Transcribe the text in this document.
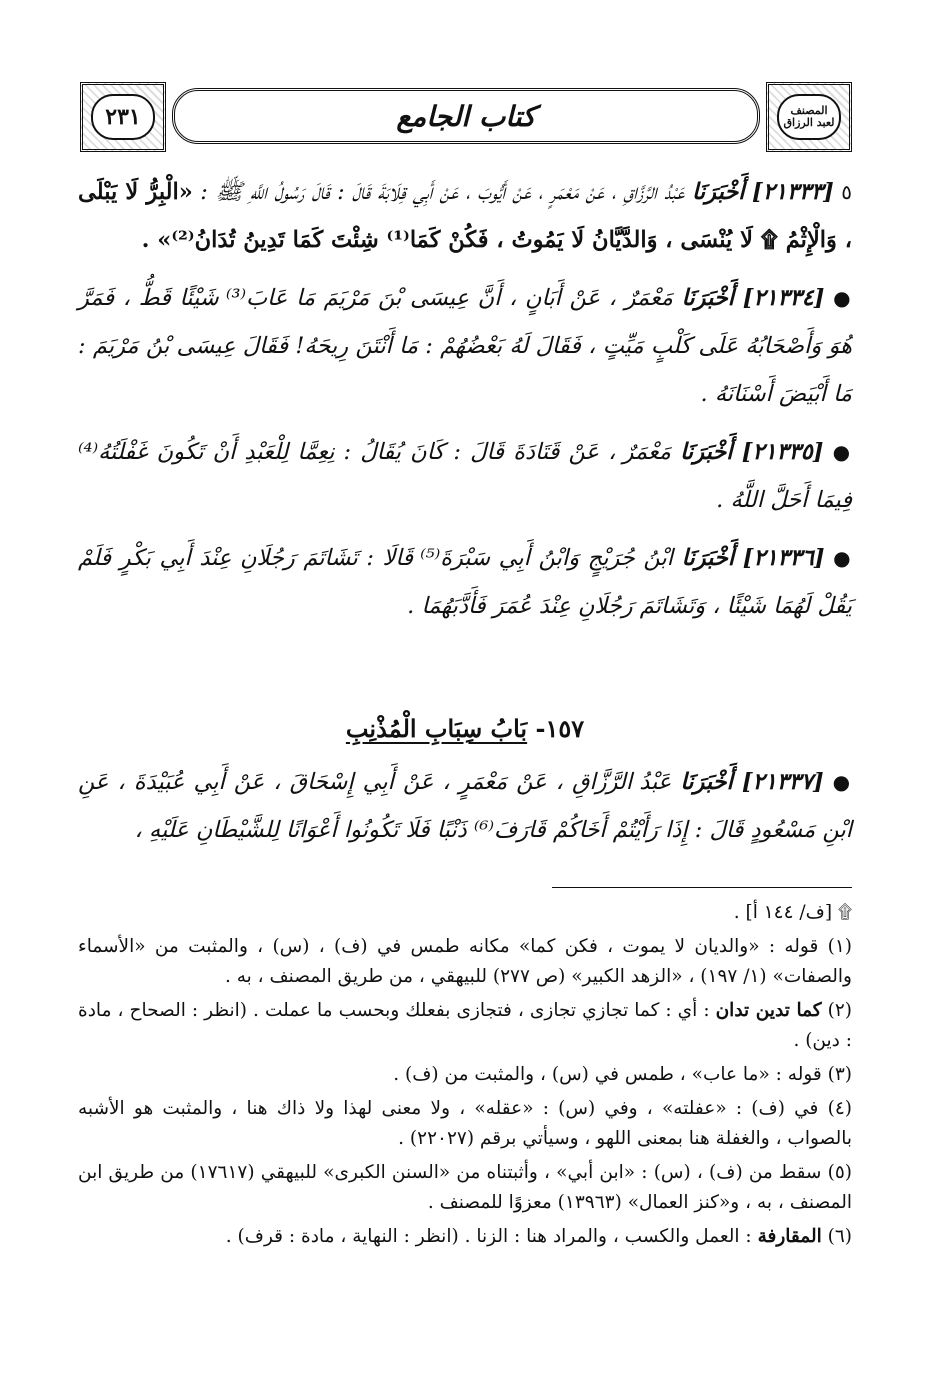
٢٣١	كتاب الجامع	المصنف
لعبد الرزاق

٥ [٢١٣٣٣] أَخْبَرَنَا عَبْدُ الرَّزَّاقِ ، عَنْ مَعْمَرٍ ، عَنْ أَيُّوبَ ، عَنْ أَبِي قِلَابَةَ قَالَ : قَالَ رَسُولُ اللَّهِ ﷺ : «الْبِرُّ لَا يَبْلَى ، وَالْإِثْمُ ۩ لَا يُنْسَى ، وَالدَّيَّانُ لَا يَمُوتُ ، فَكُنْ كَمَا⁽¹⁾ شِئْتَ كَمَا تَدِينُ تُدَانُ⁽²⁾» .

● [٢١٣٣٤] أَخْبَرَنَا مَعْمَرٌ ، عَنْ أَبَانٍ ، أَنَّ عِيسَى بْنَ مَرْيَمَ مَا عَابَ⁽³⁾ شَيْئًا قَطُّ ، فَمَرَّ هُوَ وَأَصْحَابُهُ عَلَى كَلْبٍ مَيِّتٍ ، فَقَالَ لَهُ بَعْضُهُمْ : مَا أَنْتَنَ رِيحَهُ! فَقَالَ عِيسَى بْنُ مَرْيَمَ : مَا أَبْيَضَ أَسْنَانَهُ .

● [٢١٣٣٥] أَخْبَرَنَا مَعْمَرٌ ، عَنْ قَتَادَةَ قَالَ : كَانَ يُقَالُ : نِعِمَّا لِلْعَبْدِ أَنْ تَكُونَ غَفْلَتُهُ⁽⁴⁾ فِيمَا أَحَلَّ اللَّهُ .

● [٢١٣٣٦] أَخْبَرَنَا ابْنُ جُرَيْجٍ وَابْنُ أَبِي سَبْرَةَ⁽⁵⁾ قَالَا : تَشَاتَمَ رَجُلَانِ عِنْدَ أَبِي بَكْرٍ فَلَمْ يَقُلْ لَهُمَا شَيْئًا ، وَتَشَاتَمَ رَجُلَانِ عِنْدَ عُمَرَ فَأَدَّبَهُمَا .

١٥٧- بَابُ سِبَابِ الْمُذْنِبِ

● [٢١٣٣٧] أَخْبَرَنَا عَبْدُ الرَّزَّاقِ ، عَنْ مَعْمَرٍ ، عَنْ أَبِي إِسْحَاقَ ، عَنْ أَبِي عُبَيْدَةَ ، عَنِ ابْنِ مَسْعُودٍ قَالَ : إِذَا رَأَيْتُمْ أَخَاكُمْ قَارَفَ⁽⁶⁾ ذَنْبًا فَلَا تَكُونُوا أَعْوَانًا لِلشَّيْطَانِ عَلَيْهِ ،

۩ [ف/ ١٤٤ أ] .

(١) قوله : «والديان لا يموت ، فكن كما» مكانه طمس في (ف) ، (س) ، والمثبت من «الأسماء والصفات» (١/ ١٩٧) ، «الزهد الكبير» (ص ٢٧٧) للبيهقي ، من طريق المصنف ، به .

(٢) كما تدين تدان : أي : كما تجازي تجازى ، فتجازى بفعلك وبحسب ما عملت . (انظر : الصحاح ، مادة : دين) .

(٣) قوله : «ما عاب» ، طمس في (س) ، والمثبت من (ف) .

(٤) في (ف) : «عفلته» ، وفي (س) : «عقله» ، ولا معنى لهذا ولا ذاك هنا ، والمثبت هو الأشبه بالصواب ، والغفلة هنا بمعنى اللهو ، وسيأتي برقم (٢٢٠٢٧) .

(٥) سقط من (ف) ، (س) : «ابن أبي» ، وأثبتناه من «السنن الكبرى» للبيهقي (١٧٦١٧) من طريق ابن المصنف ، به ، و«كنز العمال» (١٣٩٦٣) معزوًا للمصنف .

(٦) المقارفة : العمل والكسب ، والمراد هنا : الزنا . (انظر : النهاية ، مادة : قرف) .
